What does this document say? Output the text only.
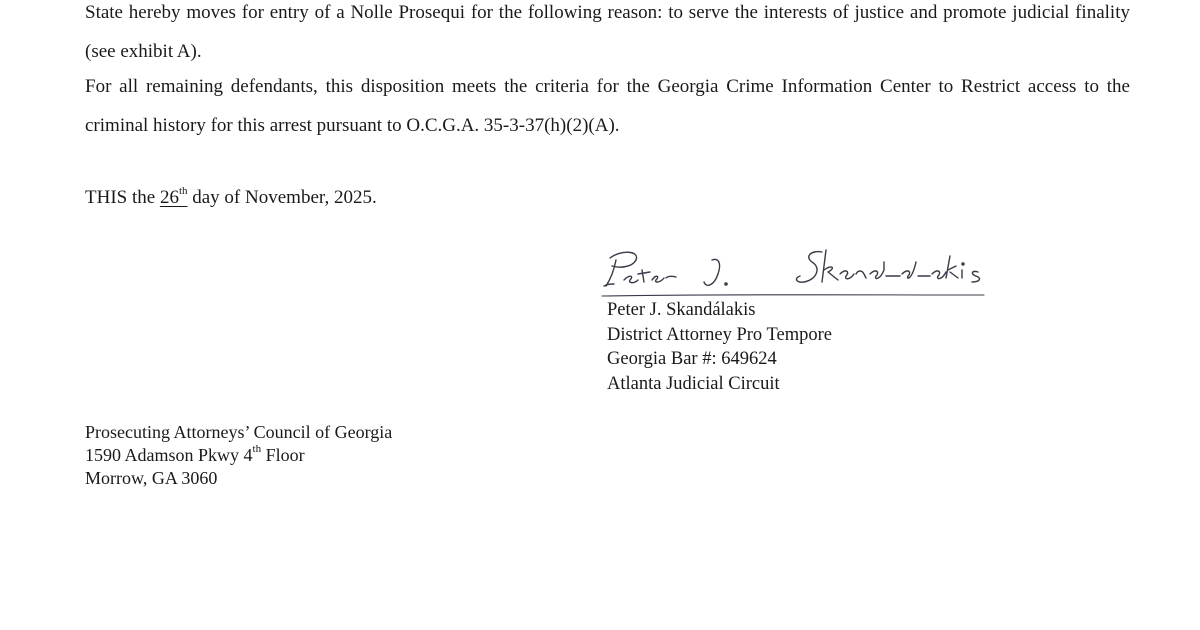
State hereby moves for entry of a Nolle Prosequi for the following reason: to serve the interests of justice and promote judicial finality (see exhibit A).
For all remaining defendants, this disposition meets the criteria for the Georgia Crime Information Center to Restrict access to the criminal history for this arrest pursuant to O.C.G.A. 35-3-37(h)(2)(A).
THIS the 26th day of November, 2025.
Peter J. Skandálakis
District Attorney Pro Tempore
Georgia Bar #: 649624
Atlanta Judicial Circuit
Prosecuting Attorneys’ Council of Georgia
1590 Adamson Pkwy 4th Floor
Morrow, GA 3060
